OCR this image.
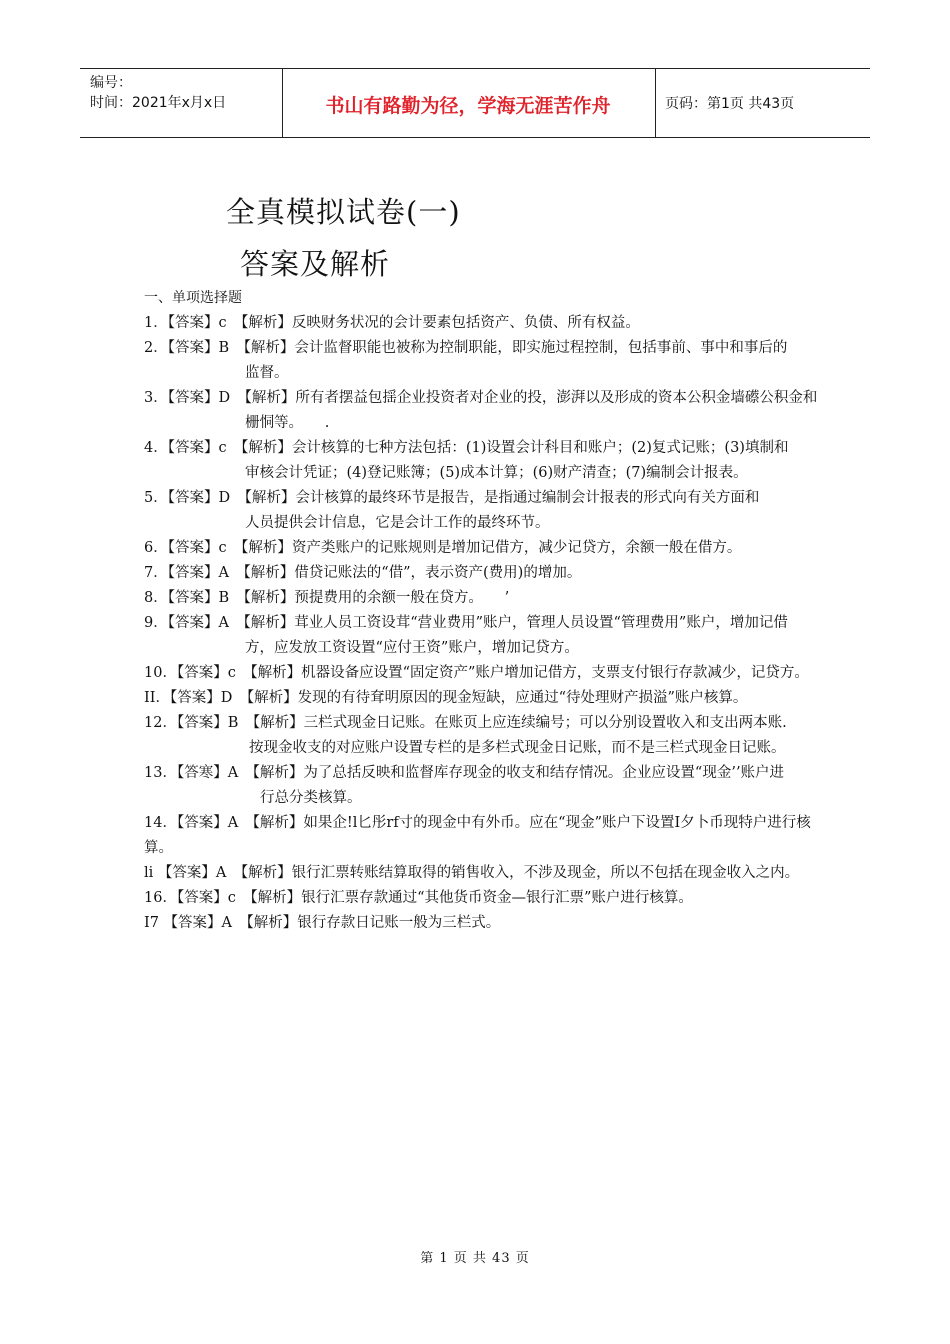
编号：
时间：2021年x月x日	书山有路勤为径，学海无涯苦作舟	页码：第1页 共43页
全真模拟试卷(一)
答案及解析
一、单项选择题

1．【答案】c　【解析】反映财务状况的会计要素包括资产、负债、所有权益。

2．【答案】B　【解析】会计监督职能也被称为控制职能，即实施过程控制，包括事前、事中和事后的
监督。

3．【答案】D　【解析】所有者摆益包揺企业投资者对企业的投，澎湃以及形成的资本公积金墙礤公积金和
栅恫等。　　.

4．【答案】c　【解析】会计核算的七种方法包括：(1)设置会计科目和账户；(2)复式记账；(3)填制和
审核会计凭证；(4)登记账簿；(5)成本计算；(6)财产清查；(7)编制会计报表。

5．【答案】D　【解析】会计核算的最终环节是报告，是指通过编制会计报表的形式向有关方面和
人员提供会计信息，它是会计工作的最终环节。

6．【答案】c　【解析】资产类账户的记账规则是增加记借方，减少记贷方，余额一般在借方。

7．【答案】A　【解析】借贷记账法的“借”，表示资产(费用)的增加。

8．【答案】B　【解析】预提费用的余额一般在贷方。　　’

9．【答案】A　【解析】茸业人员工资设茸“营业费用”账户，管理人员设置“管理费用”账户，增加记借
方，应发放工资设置“应付王资”账户，增加记贷方。

10．【答案】c　【解析】机器设备应设置“固定资产”账户增加记借方，支票支付银行存款减少，记贷方。

II．【答案】D　【解析】发现的有待耷明原因的现金短缺，应通过“待处理财产损溢”账户核算。

12．【答案】B　【解析】三栏式现金日记账。在账页上应连续编号；可以分别设置收入和支出两本账.
按现金收支的对应账户设置专栏的是多栏式现金日记账，而不是三栏式现金日记账。

13．【答寒】A　【解析】为了总括反映和监督库存现金的收支和结存情况。企业应设置“现金’’账户进
行总分类核算。

14．【答案】A　【解析】如果企!l匕彤rf寸的现金中有外币。应在“现金”账户下设置I夕卜币现特户进行核算。

li 【答案】A　【解析】银行汇票转账结算取得的销售收入，不涉及现金，所以不包括在现金收入之内。

16．【答案】c　【解析】银行汇票存款通过“其他货币资金—银行汇票”账户进行核算。

I7 【答案】A　【解析】银行存款日记账一般为三栏式。

第 1 页 共 43 页
